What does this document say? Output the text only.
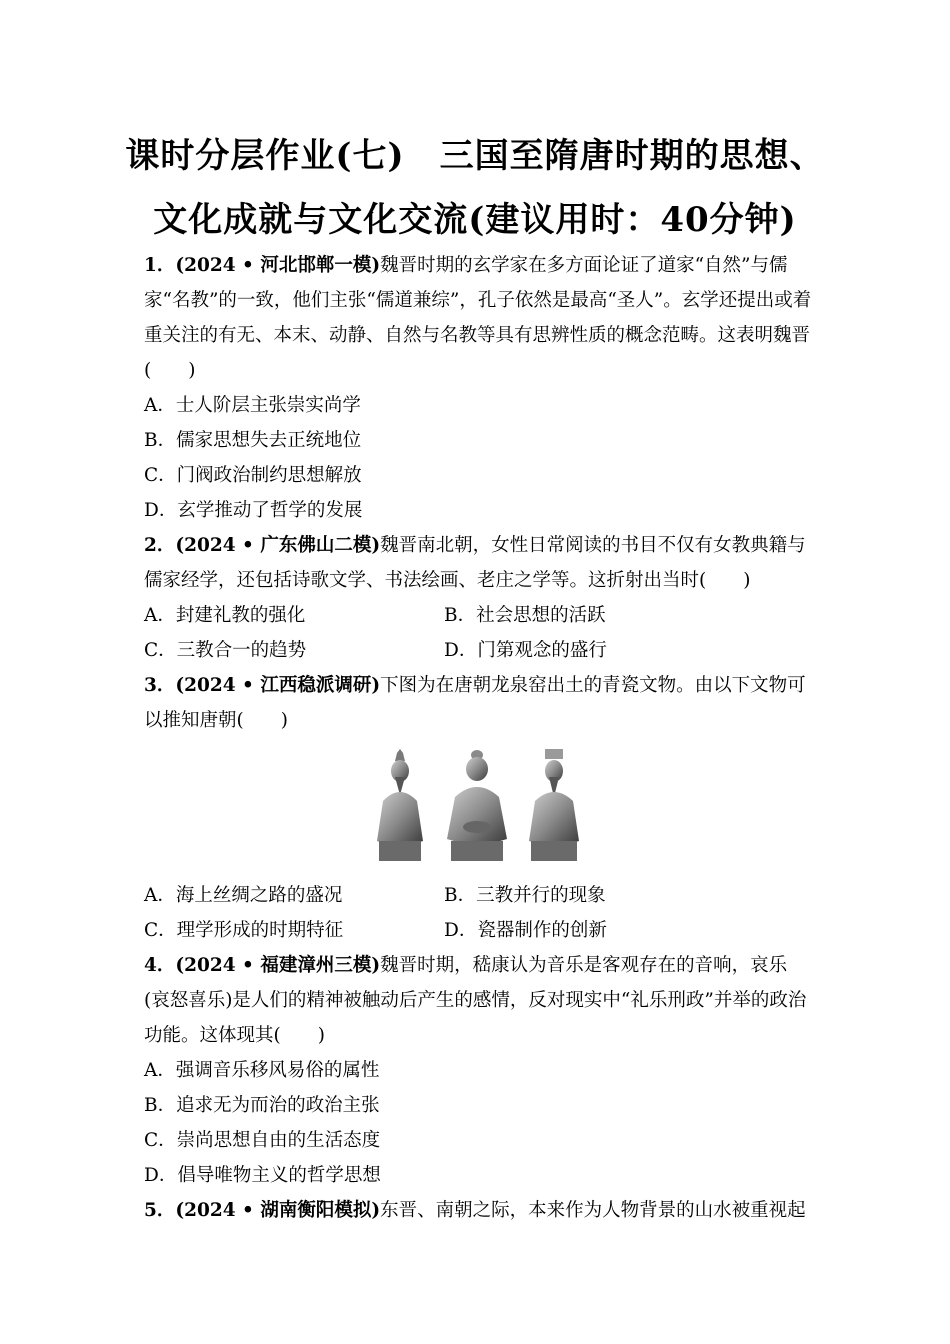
课时分层作业(七)　三国至隋唐时期的思想、
文化成就与文化交流(建议用时：40分钟)
1．(2024 • 河北邯郸一模)魏晋时期的玄学家在多方面论证了道家“自然”与儒家“名教”的一致，他们主张“儒道兼综”，孔子依然是最高“圣人”。玄学还提出或着重关注的有无、本末、动静、自然与名教等具有思辨性质的概念范畴。这表明魏晋(　　)
A．士人阶层主张崇实尚学
B．儒家思想失去正统地位
C．门阀政治制约思想解放
D．玄学推动了哲学的发展
2．(2024 • 广东佛山二模)魏晋南北朝，女性日常阅读的书目不仅有女教典籍与儒家经学，还包括诗歌文学、书法绘画、老庄之学等。这折射出当时(　　)
A．封建礼教的强化	B．社会思想的活跃
C．三教合一的趋势	D．门第观念的盛行
3．(2024 • 江西稳派调研)下图为在唐朝龙泉窑出土的青瓷文物。由以下文物可以推知唐朝(　　)
A．海上丝绸之路的盛况	B．三教并行的现象
C．理学形成的时期特征	D．瓷器制作的创新
4．(2024 • 福建漳州三模)魏晋时期，嵇康认为音乐是客观存在的音响，哀乐(哀怒喜乐)是人们的精神被触动后产生的感情，反对现实中“礼乐刑政”并举的政治功能。这体现其(　　)
A．强调音乐移风易俗的属性
B．追求无为而治的政治主张
C．崇尚思想自由的生活态度
D．倡导唯物主义的哲学思想
5．(2024 • 湖南衡阳模拟)东晋、南朝之际，本来作为人物背景的山水被重视起
